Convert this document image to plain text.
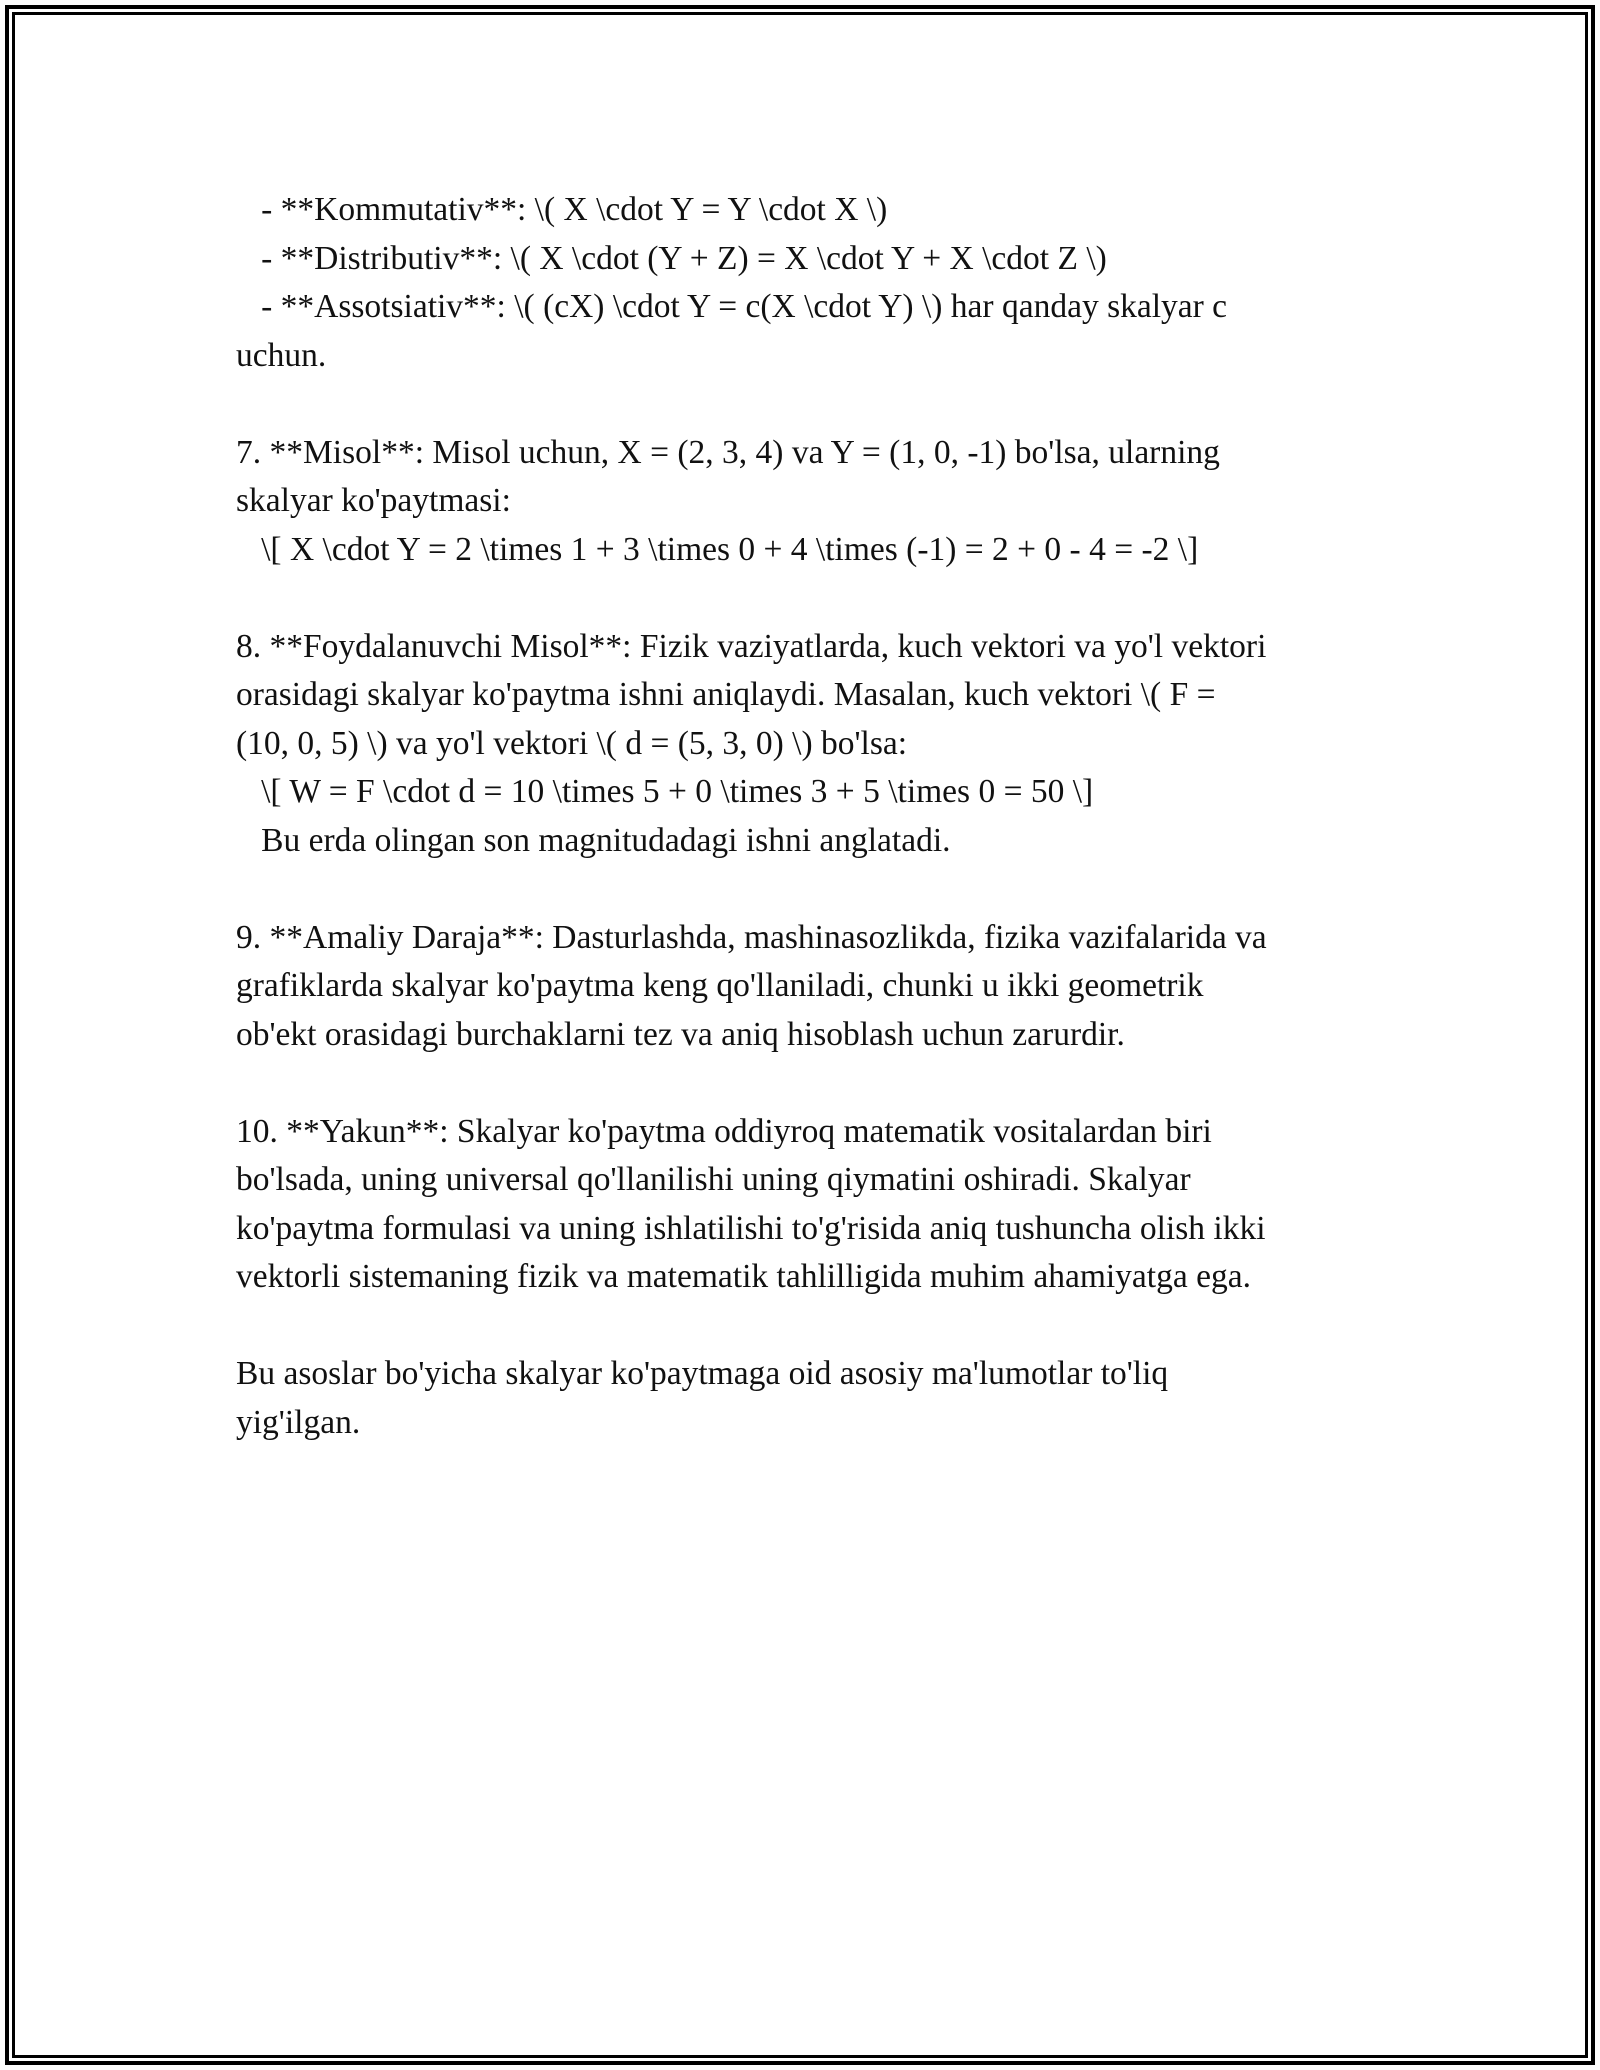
- **Kommutativ**: \( X \cdot Y = Y \cdot X \)
- **Distributiv**: \( X \cdot (Y + Z) = X \cdot Y + X \cdot Z \)
- **Assotsiativ**: \( (cX) \cdot Y = c(X \cdot Y) \) har qanday skalyar c
uchun.
7. **Misol**: Misol uchun, X = (2, 3, 4) va Y = (1, 0, -1) bo'lsa, ularning
skalyar ko'paytmasi:
\[ X \cdot Y = 2 \times 1 + 3 \times 0 + 4 \times (-1) = 2 + 0 - 4 = -2 \]
8. **Foydalanuvchi Misol**: Fizik vaziyatlarda, kuch vektori va yo'l vektori
orasidagi skalyar ko'paytma ishni aniqlaydi. Masalan, kuch vektori \( F =
(10, 0, 5) \) va yo'l vektori \( d = (5, 3, 0) \) bo'lsa:
\[ W = F \cdot d = 10 \times 5 + 0 \times 3 + 5 \times 0 = 50 \]
Bu erda olingan son magnitudadagi ishni anglatadi.
9. **Amaliy Daraja**: Dasturlashda, mashinasozlikda, fizika vazifalarida va
grafiklarda skalyar ko'paytma keng qo'llaniladi, chunki u ikki geometrik
ob'ekt orasidagi burchaklarni tez va aniq hisoblash uchun zarurdir.
10. **Yakun**: Skalyar ko'paytma oddiyroq matematik vositalardan biri
bo'lsada, uning universal qo'llanilishi uning qiymatini oshiradi. Skalyar
ko'paytma formulasi va uning ishlatilishi to'g'risida aniq tushuncha olish ikki
vektorli sistemaning fizik va matematik tahlilligida muhim ahamiyatga ega.
Bu asoslar bo'yicha skalyar ko'paytmaga oid asosiy ma'lumotlar to'liq
yig'ilgan.
